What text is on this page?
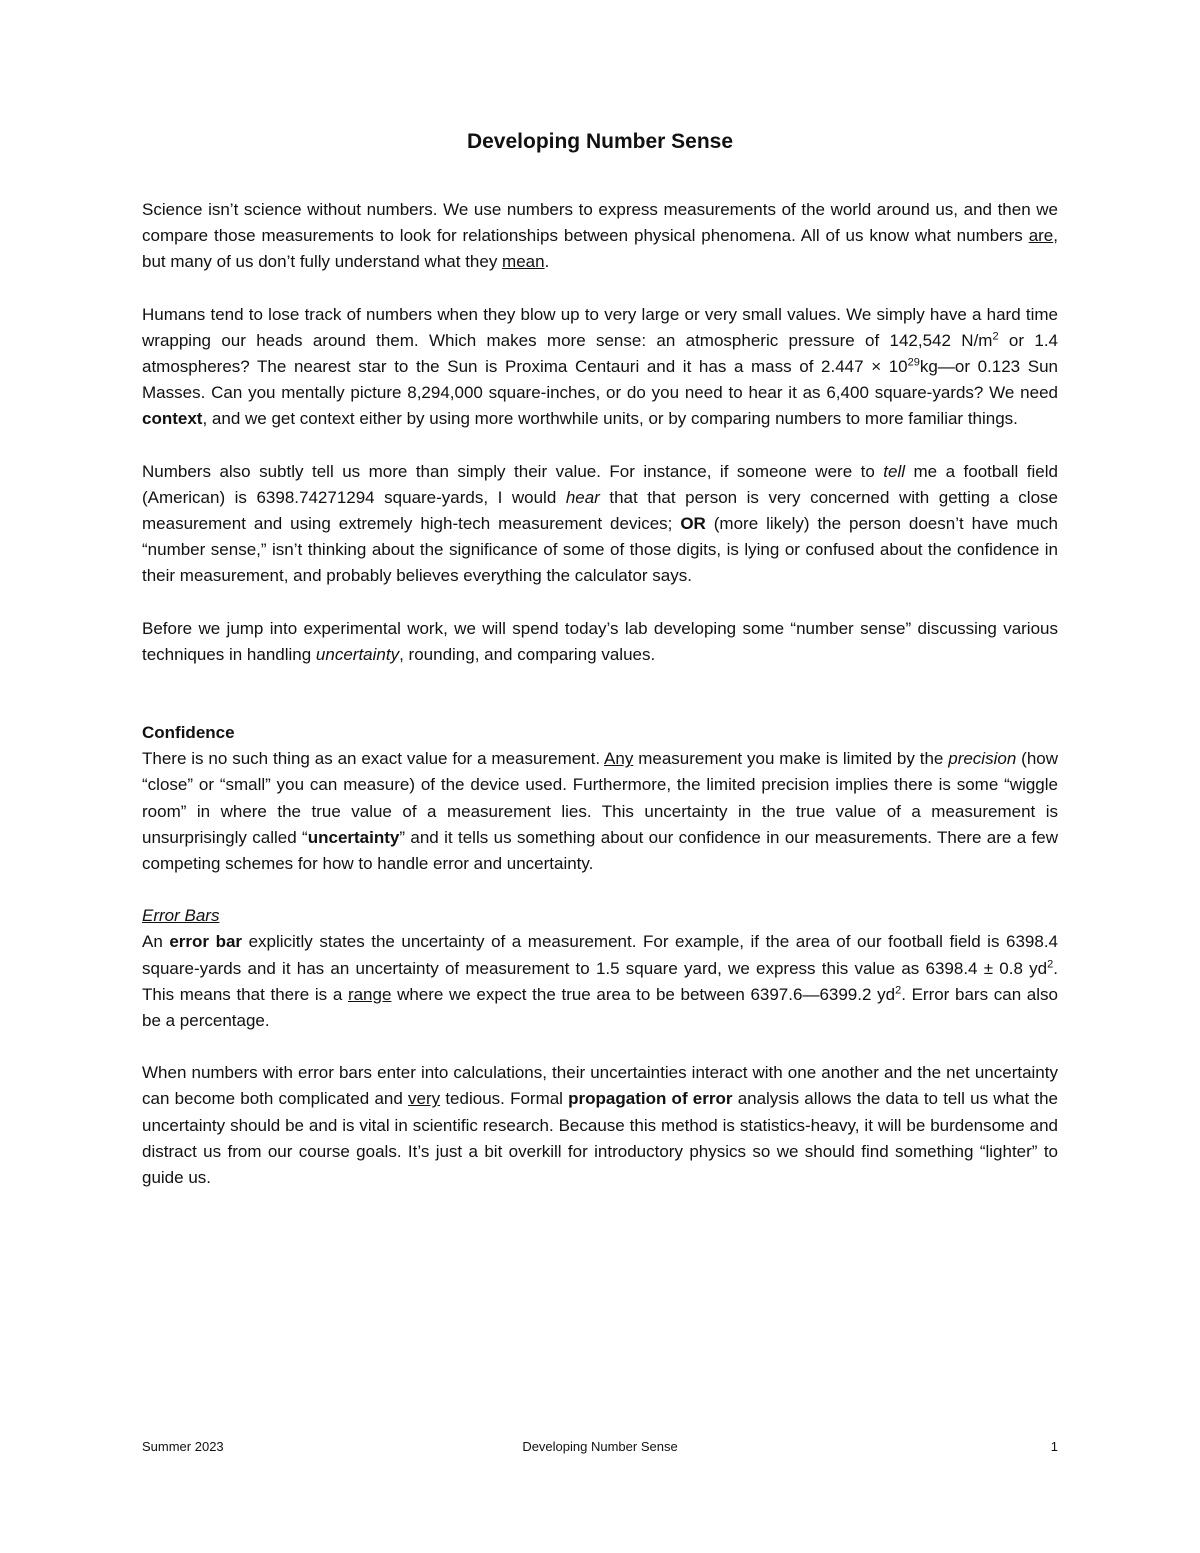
Developing Number Sense

Science isn’t science without numbers. We use numbers to express measurements of the world around us, and then we compare those measurements to look for relationships between physical phenomena. All of us know what numbers are, but many of us don’t fully understand what they mean.

Humans tend to lose track of numbers when they blow up to very large or very small values. We simply have a hard time wrapping our heads around them. Which makes more sense: an atmospheric pressure of 142,542 $N/m^2$ or 1.4 atmospheres? The nearest star to the Sun is Proxima Centauri and it has a mass of $2.447 \times 10^{29}kg—or$ 0.123 Sun Masses. Can you mentally picture 8,294,000 square-inches, or do you need to hear it as 6,400 square-yards? We need context, and we get context either by using more worthwhile units, or by comparing numbers to more familiar things.

Numbers also subtly tell us more than simply their value. For instance, if someone were to tell me a football field (American) is 6398.74271294 square-yards, I would hear that that person is very concerned with getting a close measurement and using extremely high-tech measurement devices; OR (more likely) the person doesn’t have much “number sense,” isn’t thinking about the significance of some of those digits, is lying or confused about the confidence in their measurement, and probably believes everything the calculator says.

Before we jump into experimental work, we will spend today’s lab developing some “number sense” discussing various techniques in handling uncertainty, rounding, and comparing values.

Confidence

There is no such thing as an exact value for a measurement. Any measurement you make is limited by the precision (how “close” or “small” you can measure) of the device used. Furthermore, the limited precision implies there is some “wiggle room” in where the true value of a measurement lies. This uncertainty in the true value of a measurement is unsurprisingly called “uncertainty” and it tells us something about our confidence in our measurements. There are a few competing schemes for how to handle error and uncertainty.

Error Bars

An error bar explicitly states the uncertainty of a measurement. For example, if the area of our football field is 6398.4 square-yards and it has an uncertainty of measurement to 1.5 square yard, we express this value as 6398.4 ± 0.8 $yd^2$. This means that there is a range where we expect the true area to be between 6397.6—6399.2 $yd^2$. Error bars can also be a percentage.

When numbers with error bars enter into calculations, their uncertainties interact with one another and the net uncertainty can become both complicated and very tedious. Formal propagation of error analysis allows the data to tell us what the uncertainty should be and is vital in scientific research. Because this method is statistics-heavy, it will be burdensome and distract us from our course goals. It’s just a bit overkill for introductory physics so we should find something “lighter” to guide us.

Summer 2023	Developing Number Sense	1
